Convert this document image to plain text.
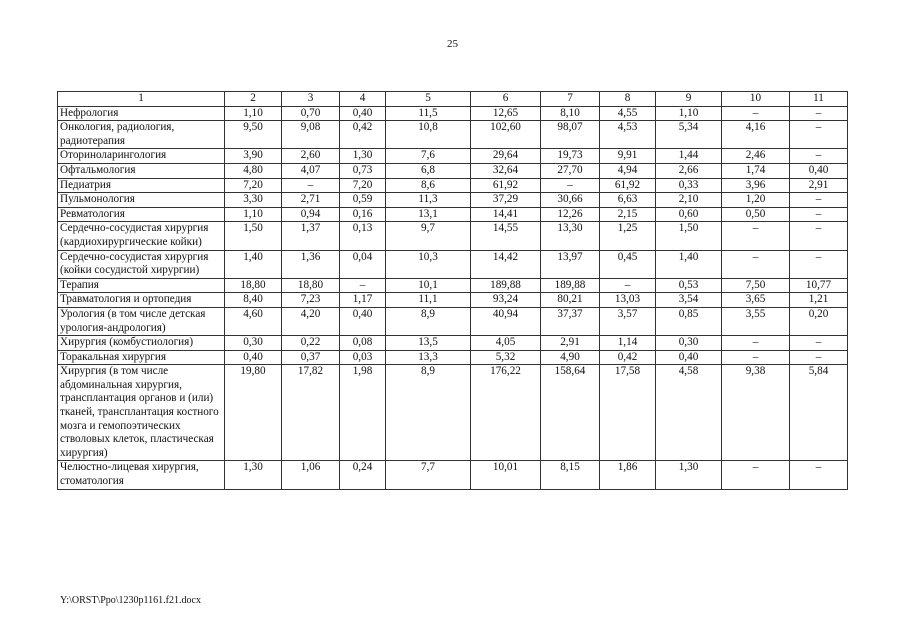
25
1	2	3	4	5	6	7	8	9	10	11
Нефрология	1,10	0,70	0,40	11,5	12,65	8,10	4,55	1,10	–	–
Онкология, радиология, радиотерапия	9,50	9,08	0,42	10,8	102,60	98,07	4,53	5,34	4,16	–
Оториноларингология	3,90	2,60	1,30	7,6	29,64	19,73	9,91	1,44	2,46	–
Офтальмология	4,80	4,07	0,73	6,8	32,64	27,70	4,94	2,66	1,74	0,40
Педиатрия	7,20	–	7,20	8,6	61,92	–	61,92	0,33	3,96	2,91
Пульмонология	3,30	2,71	0,59	11,3	37,29	30,66	6,63	2,10	1,20	–
Ревматология	1,10	0,94	0,16	13,1	14,41	12,26	2,15	0,60	0,50	–
Сердечно-сосудистая хирургия (кардиохирургические койки)	1,50	1,37	0,13	9,7	14,55	13,30	1,25	1,50	–	–
Сердечно-сосудистая хирургия (койки сосудистой хирургии)	1,40	1,36	0,04	10,3	14,42	13,97	0,45	1,40	–	–
Терапия	18,80	18,80	–	10,1	189,88	189,88	–	0,53	7,50	10,77
Травматология и ортопедия	8,40	7,23	1,17	11,1	93,24	80,21	13,03	3,54	3,65	1,21
Урология (в том числе детская урология-андрология)	4,60	4,20	0,40	8,9	40,94	37,37	3,57	0,85	3,55	0,20
Хирургия (комбустиология)	0,30	0,22	0,08	13,5	4,05	2,91	1,14	0,30	–	–
Торакальная хирургия	0,40	0,37	0,03	13,3	5,32	4,90	0,42	0,40	–	–
Хирургия (в том числе абдоминальная хирургия, трансплантация органов и (или) тканей, трансплантация костного мозга и гемопоэтических стволовых клеток, пластическая хирургия)	19,80	17,82	1,98	8,9	176,22	158,64	17,58	4,58	9,38	5,84
Челюстно-лицевая хирургия, стоматология	1,30	1,06	0,24	7,7	10,01	8,15	1,86	1,30	–	–
Y:\ORST\Ppo\1230p1161.f21.docx
